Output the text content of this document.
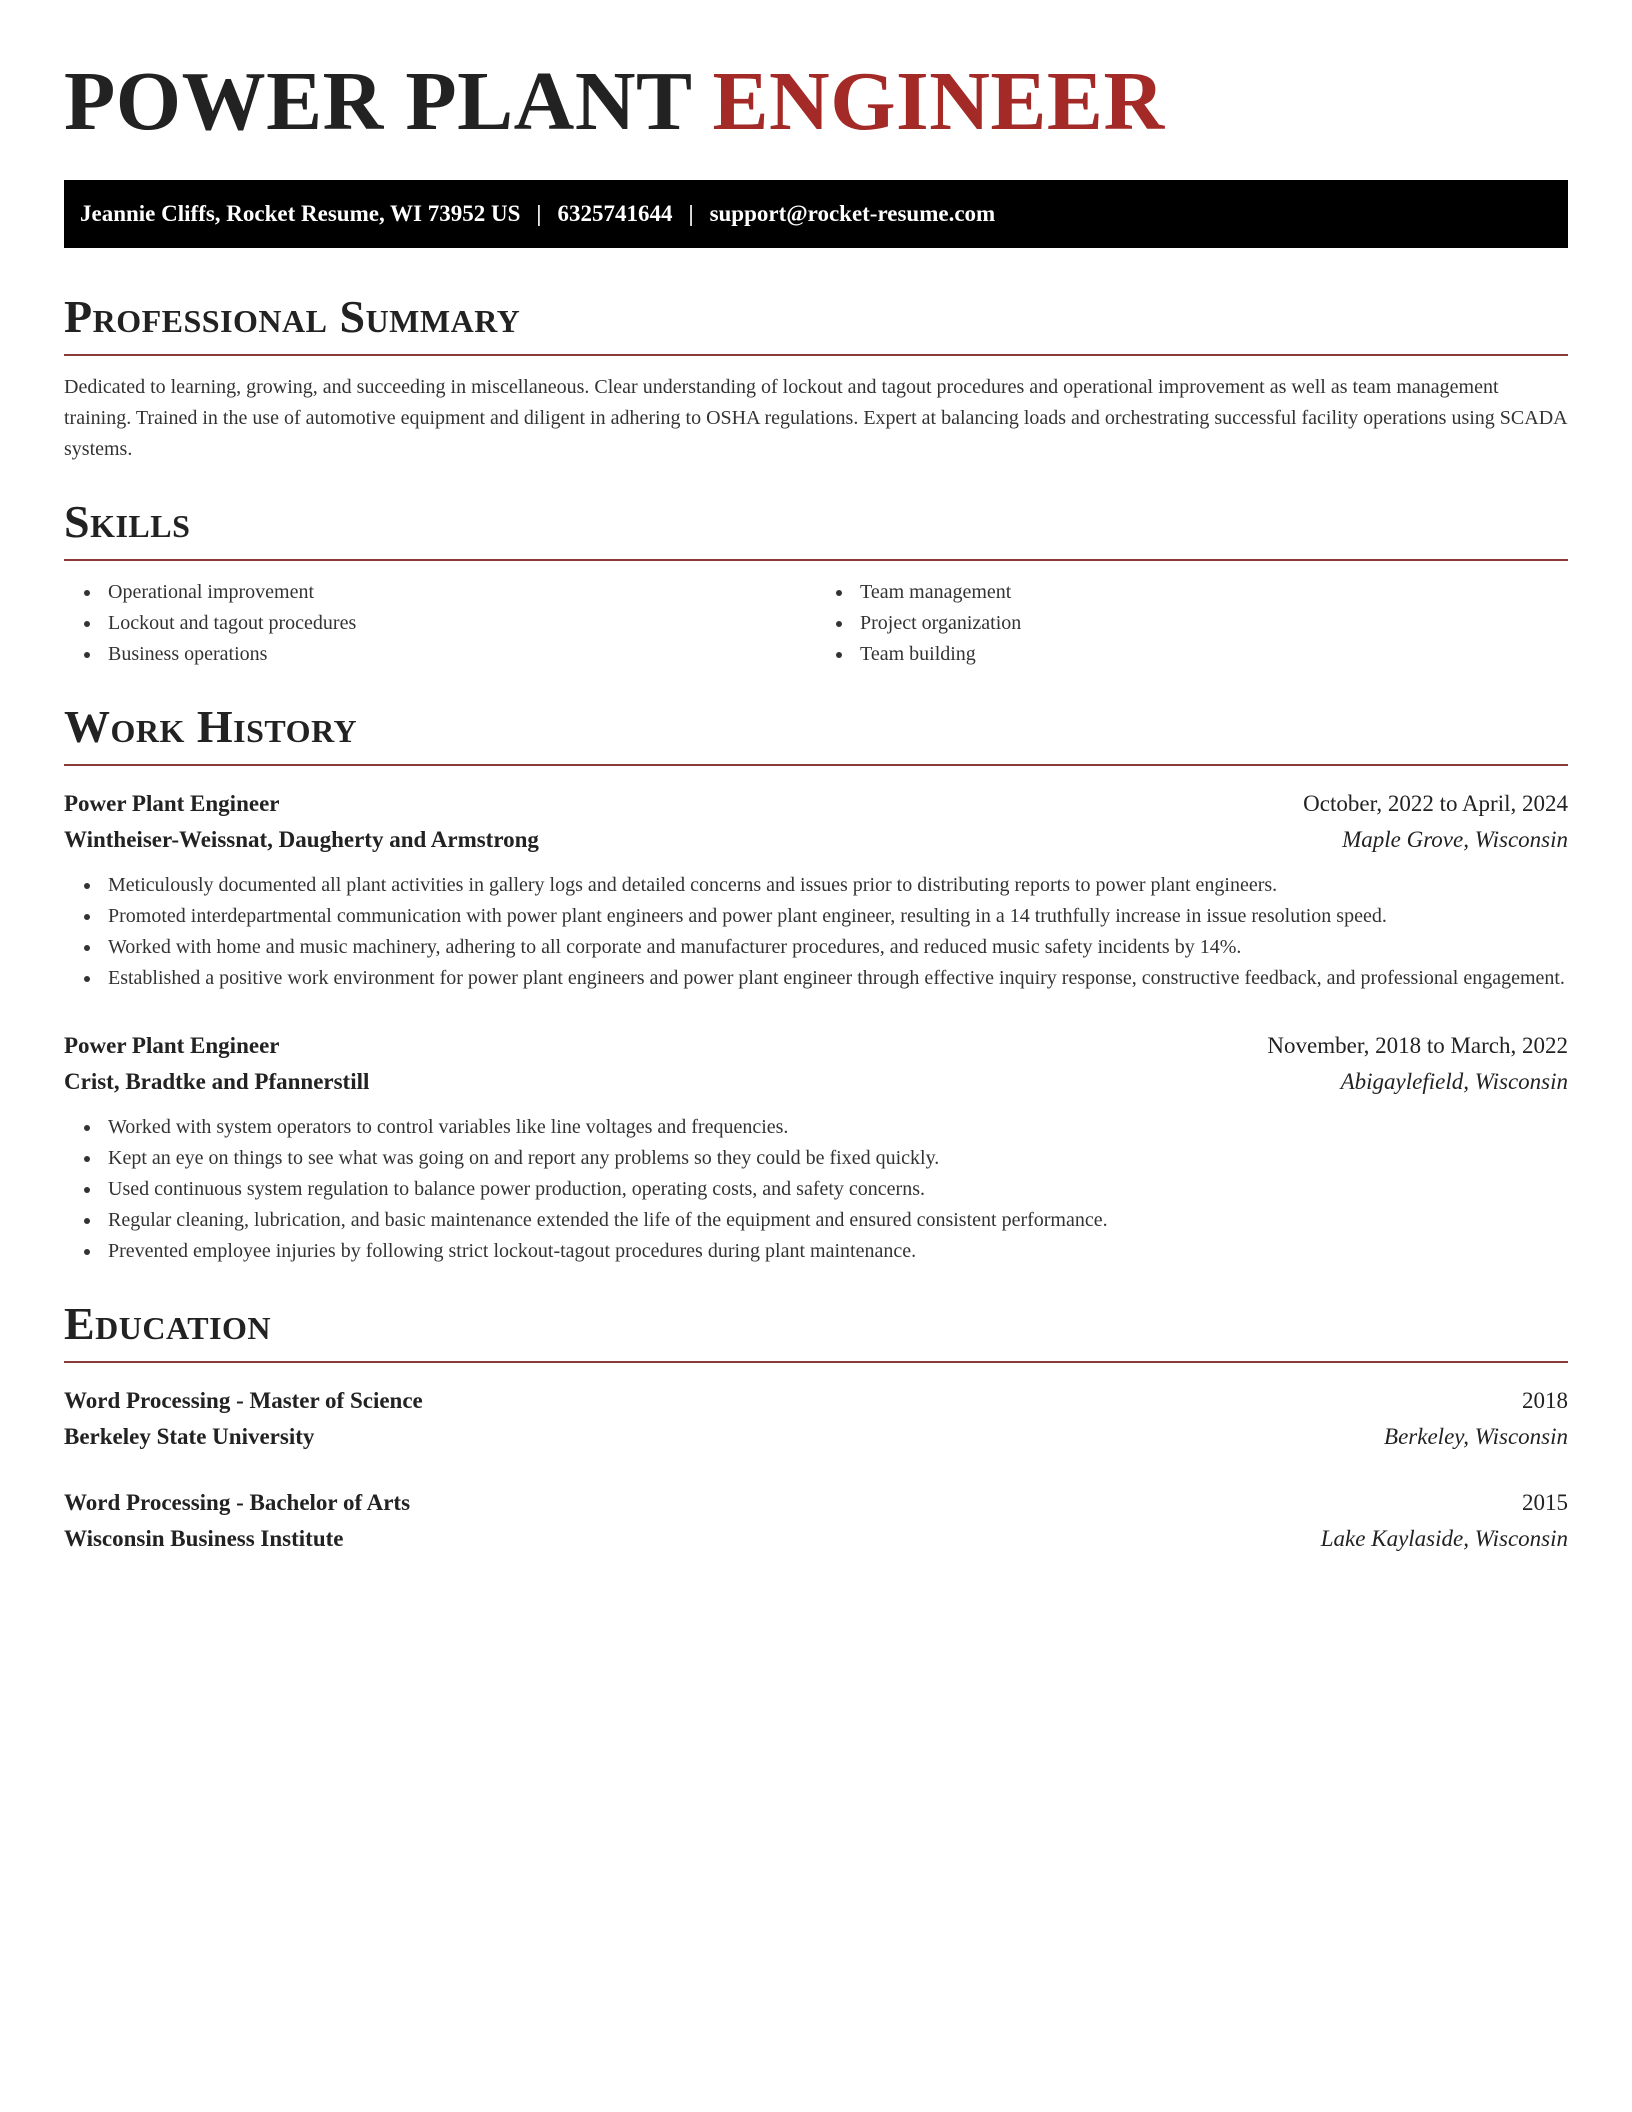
POWER PLANT ENGINEER
Jeannie Cliffs, Rocket Resume, WI 73952 US | 6325741644 | support@rocket-resume.com
Professional Summary

Dedicated to learning, growing, and succeeding in miscellaneous. Clear understanding of lockout and tagout procedures and operational improvement as well as team management training. Trained in the use of automotive equipment and diligent in adhering to OSHA regulations. Expert at balancing loads and orchestrating successful facility operations using SCADA systems.

Skills
Operational improvement
Lockout and tagout procedures
Business operations
Team management
Project organization
Team building
Work History
Power Plant Engineer	October, 2022 to April, 2024
Wintheiser-Weissnat, Daugherty and Armstrong	Maple Grove, Wisconsin
Meticulously documented all plant activities in gallery logs and detailed concerns and issues prior to distributing reports to power plant engineers.
Promoted interdepartmental communication with power plant engineers and power plant engineer, resulting in a 14 truthfully increase in issue resolution speed.
Worked with home and music machinery, adhering to all corporate and manufacturer procedures, and reduced music safety incidents by 14%.
Established a positive work environment for power plant engineers and power plant engineer through effective inquiry response, constructive feedback, and professional engagement.
Power Plant Engineer	November, 2018 to March, 2022
Crist, Bradtke and Pfannerstill	Abigaylefield, Wisconsin
Worked with system operators to control variables like line voltages and frequencies.
Kept an eye on things to see what was going on and report any problems so they could be fixed quickly.
Used continuous system regulation to balance power production, operating costs, and safety concerns.
Regular cleaning, lubrication, and basic maintenance extended the life of the equipment and ensured consistent performance.
Prevented employee injuries by following strict lockout-tagout procedures during plant maintenance.
Education
Word Processing - Master of Science	2018
Berkeley State University	Berkeley, Wisconsin
Word Processing - Bachelor of Arts	2015
Wisconsin Business Institute	Lake Kaylaside, Wisconsin
